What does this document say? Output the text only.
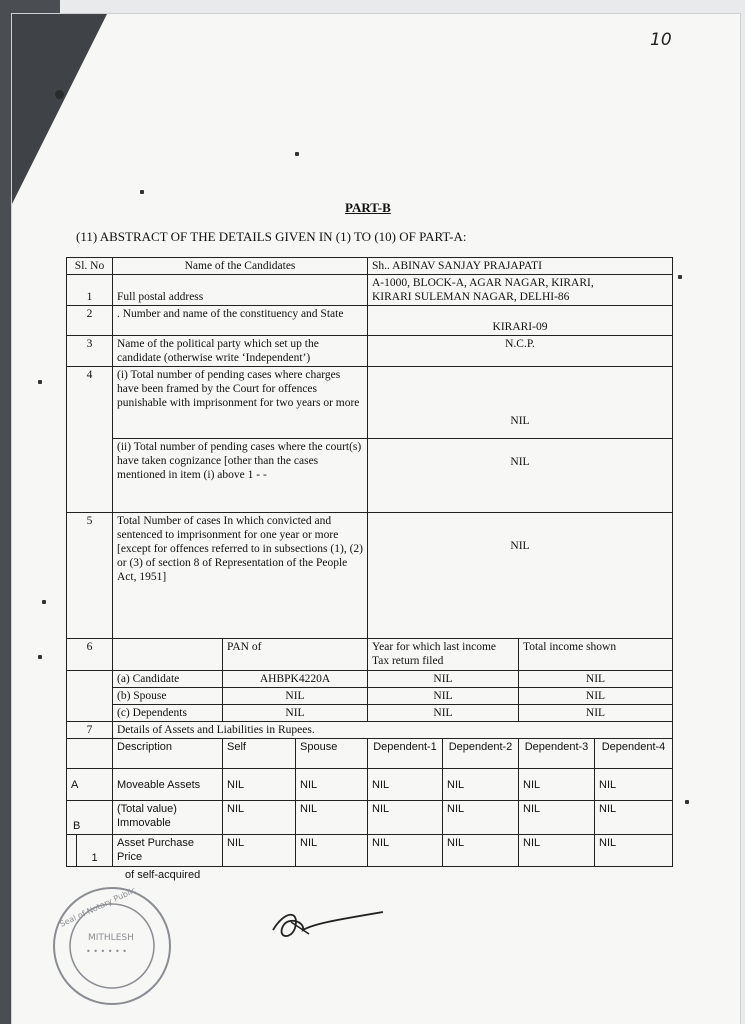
10
PART-B
(11) ABSTRACT OF THE DETAILS GIVEN IN (1) TO (10) OF PART-A:
Sl. No		Name of the Candidates			Sh.. ABINAV SANJAY PRAJAPATI			
1		Full postal address			A-1000, BLOCK-A, AGAR NAGAR, KIRARI,
KIRARI SULEMAN NAGAR, DELHI-86			

2		. Number and name of the constituency and State			KIRARI-09			
3		Name of the political party which set up the candidate (otherwise write ‘Independent’)			N.C.P.			
4		(i) Total number of pending cases where charges have been framed by the Court for offences punishable with imprisonment for two years or more			NIL			
		(ii) Total number of pending cases where the court(s) have taken cognizance [other than the cases mentioned in item (i) above 1 - -			NIL			
5		Total Number of cases In which convicted and sentenced to imprisonment for one year or more [except for offences referred to in subsections (1), (2) or (3) of section 8 of Representation of the People Act, 1951]			NIL			
6			PAN of		Year for which last income Tax return filed		Total income shown	
		(a) Candidate	AHBPK4220A		NIL		NIL	
		(b) Spouse	NIL		NIL		NIL	
		(c) Dependents	NIL		NIL		NIL	
7		Details of Assets and Liabilities in Rupees.						
		Description	Self	Spouse	Dependent-1	Dependent-2	Dependent-3	Dependent-4
A		Moveable Assets	NIL	NIL	NIL	NIL	NIL	NIL
B		(Total value) Immovable	NIL	NIL	NIL	NIL	NIL	NIL
	1	Asset Purchase Price	NIL	NIL	NIL	NIL	NIL	NIL
of self-acquired
MITHLESH
• • • • • •
Seal of Notary Public
